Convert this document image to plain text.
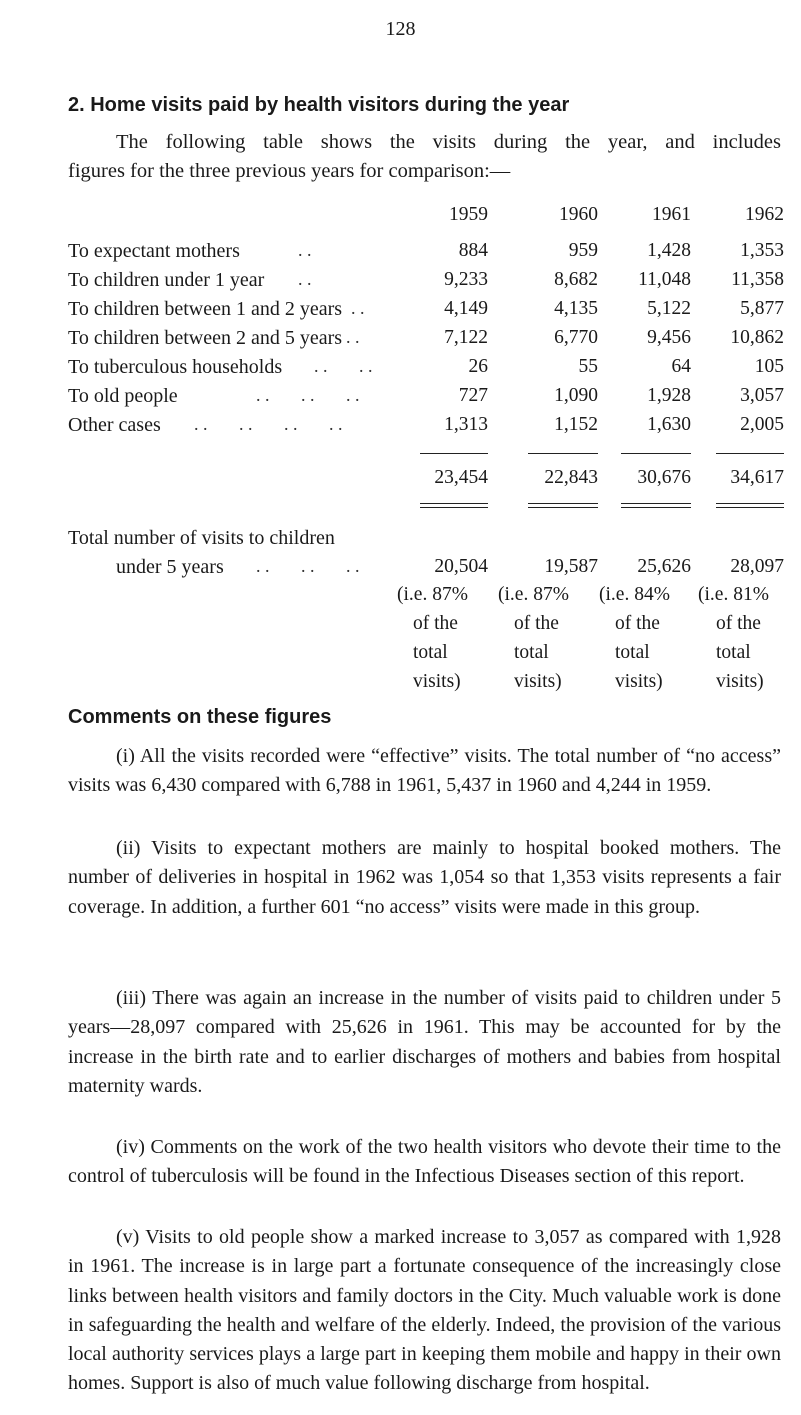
128
2. Home visits paid by health visitors during the year
The following table shows the visits during the year, and includes
figures for the three previous years for comparison:—
1959	1960	1961	1962
To expectant mothers	. .	884	959	1,428	1,353
To children under 1 year . .	9,233	8,682	11,048	11,358
To children between 1 and 2 years . .	4,149	4,135	5,122	5,877
To children between 2 and 5 years . .	7,122	6,770	9,456	10,862
To tuberculous households . .       . .	26	55	64	105
To old people	. .       . .       . .	727	1,090	1,928	3,057
Other cases . .       . .       . .       . .	1,313	1,152	1,630	2,005
23,454	22,843	30,676	34,617
Total number of visits to children
under 5 years . .       . .       . .	20,504	19,587	25,626	28,097
(i.e. 87% (i.e. 87% (i.e. 84% (i.e. 81%
of the	of the	of the	of the
total	total	total	total
visits)	visits)	visits)	visits)
Comments on these figures

(i) All the visits recorded were “effective” visits. The total number of “no access” visits was 6,430 compared with 6,788 in 1961, 5,437 in 1960 and 4,244 in 1959.

(ii) Visits to expectant mothers are mainly to hospital booked mothers. The number of deliveries in hospital in 1962 was 1,054 so that 1,353 visits represents a fair coverage. In addition, a further 601 “no access” visits were made in this group.

(iii) There was again an increase in the number of visits paid to children under 5 years—28,097 compared with 25,626 in 1961. This may be accounted for by the increase in the birth rate and to earlier discharges of mothers and babies from hospital maternity wards.

(iv) Comments on the work of the two health visitors who devote their time to the control of tuberculosis will be found in the Infectious Diseases section of this report.

(v) Visits to old people show a marked increase to 3,057 as compared with 1,928 in 1961. The increase is in large part a fortunate consequence of the increasingly close links between health visitors and family doctors in the City. Much valuable work is done in safeguarding the health and welfare of the elderly. Indeed, the provision of the various local authority services plays a large part in keeping them mobile and happy in their own homes. Support is also of much value following discharge from hospital.
